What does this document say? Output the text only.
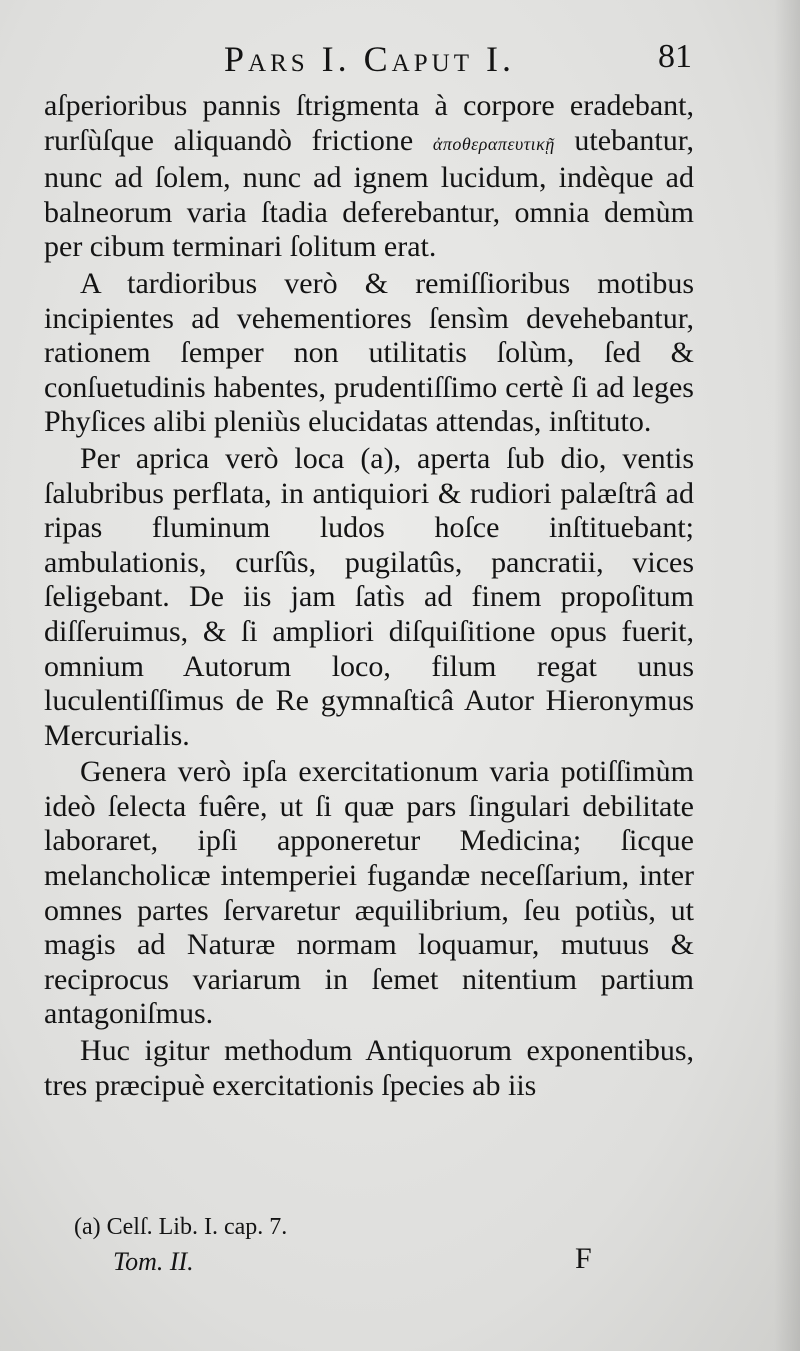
Pars I. Caput I.	81

aſperioribus pannis ſtrigmenta à corpore eradebant, rurſùſque aliquandò frictione ἀποθεραπευτικῇ utebantur, nunc ad ſolem, nunc ad ignem lucidum, indèque ad balneorum varia ſtadia deferebantur, omnia demùm per cibum terminari ſolitum erat.

A tardioribus verò & remiſſioribus motibus incipientes ad vehementiores ſensìm devehebantur, rationem ſemper non utilitatis ſolùm, ſed & conſuetudinis habentes, prudentiſſimo certè ſi ad leges Phyſices alibi pleniùs elucidatas attendas, inſtituto.

Per aprica verò loca (a), aperta ſub dio, ventis ſalubribus perflata, in antiquiori & rudiori palæſtrâ ad ripas fluminum ludos hoſce inſtituebant; ambulationis, curſûs, pugilatûs, pancratii, vices ſeligebant. De iis jam ſatìs ad finem propoſitum diſſeruimus, & ſi ampliori diſquiſitione opus fuerit, omnium Autorum loco, filum regat unus luculentiſſimus de Re gymnaſticâ Autor Hieronymus Mercurialis.

Genera verò ipſa exercitationum varia potiſſimùm ideò ſelecta fuêre, ut ſi quæ pars ſingulari debilitate laboraret, ipſi apponeretur Medicina; ſicque melancholicæ intemperiei fugandæ neceſſarium, inter omnes partes ſervaretur æquilibrium, ſeu potiùs, ut magis ad Naturæ normam loquamur, mutuus & reciprocus variarum in ſemet nitentium partium antagoniſmus.

Huc igitur methodum Antiquorum exponentibus, tres præcipuè exercitationis ſpecies ab iis

(a) Celſ. Lib. I. cap. 7.
Tom. II.	F
